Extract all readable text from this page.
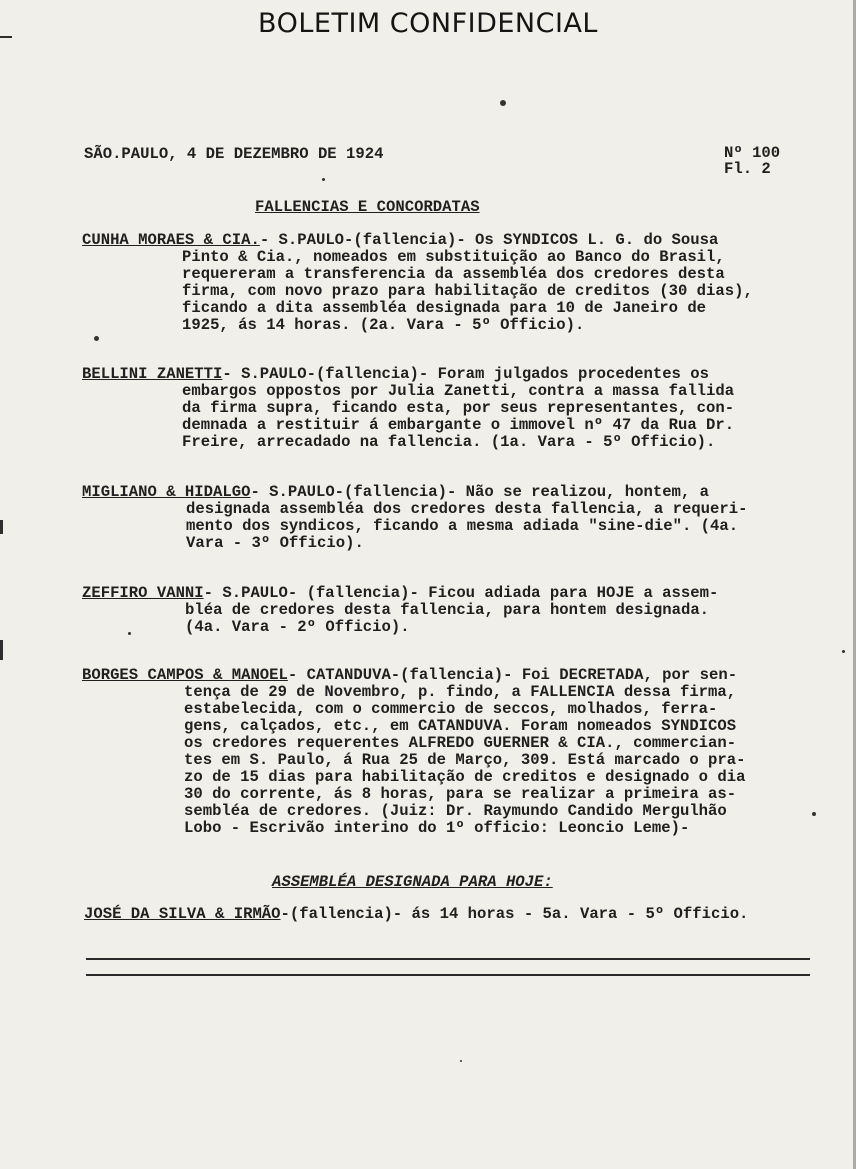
BOLETIM CONFIDENCIAL
SÃO.PAULO, 4 DE DEZEMBRO DE 1924	Nº 100
Fl. 2
FALLENCIAS E CONCORDATAS
CUNHA MORAES & CIA.- S.PAULO-(fallencia)- Os SYNDICOS L. G. do Sousa
Pinto & Cia., nomeados em substituição ao Banco do Brasil,
requereram a transferencia da assembléa dos credores desta
firma, com novo prazo para habilitação de creditos (30 dias),
ficando a dita assembléa designada para 10 de Janeiro de
1925, ás 14 horas. (2a. Vara - 5º Officio).
BELLINI ZANETTI- S.PAULO-(fallencia)- Foram julgados procedentes os
embargos oppostos por Julia Zanetti, contra a massa fallida
da firma supra, ficando esta, por seus representantes, con-
demnada a restituir á embargante o immovel nº 47 da Rua Dr.
Freire, arrecadado na fallencia. (1a. Vara - 5º Officio).
MIGLIANO & HIDALGO- S.PAULO-(fallencia)- Não se realizou, hontem, a
designada assembléa dos credores desta fallencia, a requeri-
mento dos syndicos, ficando a mesma adiada "sine-die". (4a.
Vara - 3º Officio).
ZEFFIRO VANNI- S.PAULO- (fallencia)- Ficou adiada para HOJE a assem-
bléa de credores desta fallencia, para hontem designada.
(4a. Vara - 2º Officio).
BORGES CAMPOS & MANOEL- CATANDUVA-(fallencia)- Foi DECRETADA, por sen-
tença de 29 de Novembro, p. findo, a FALLENCIA dessa firma,
estabelecida, com o commercio de seccos, molhados, ferra-
gens, calçados, etc., em CATANDUVA. Foram nomeados SYNDICOS
os credores requerentes ALFREDO GUERNER & CIA., commercian-
tes em S. Paulo, á Rua 25 de Março, 309. Está marcado o pra-
zo de 15 dias para habilitação de creditos e designado o dia
30 do corrente, ás 8 horas, para se realizar a primeira as-
sembléa de credores. (Juiz: Dr. Raymundo Candido Mergulhão
Lobo - Escrivão interino do 1º officio: Leoncio Leme)-
ASSEMBLÉA DESIGNADA PARA HOJE:
JOSÉ DA SILVA & IRMÃO-(fallencia)- ás 14 horas - 5a. Vara - 5º Officio.
